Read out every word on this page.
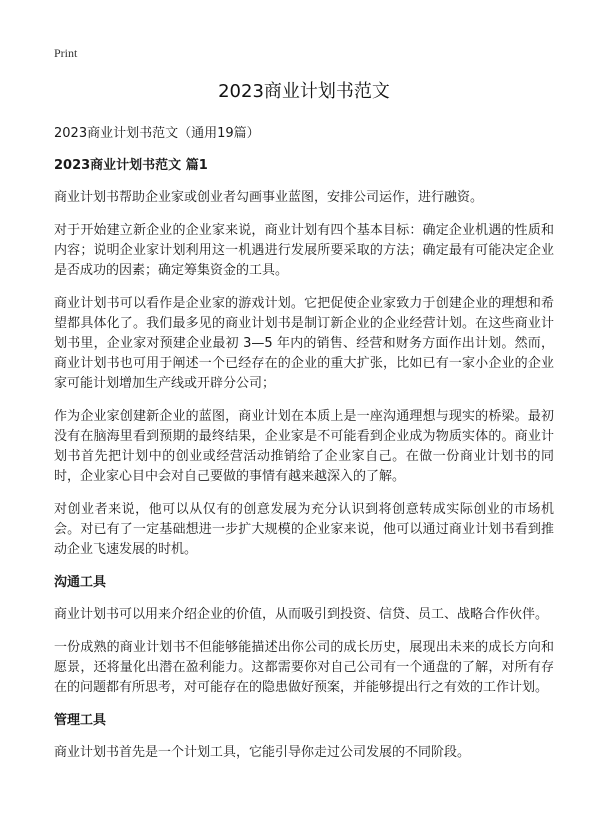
Print
2023商业计划书范文

2023商业计划书范文（通用19篇）

2023商业计划书范文 篇1

商业计划书帮助企业家或创业者勾画事业蓝图，安排公司运作，进行融资。

对于开始建立新企业的企业家来说，商业计划有四个基本目标：确定企业机遇的性质和内容；说明企业家计划利用这一机遇进行发展所要采取的方法；确定最有可能决定企业是否成功的因素；确定筹集资金的工具。

商业计划书可以看作是企业家的游戏计划。它把促使企业家致力于创建企业的理想和希望都具体化了。我们最多见的商业计划书是制订新企业的企业经营计划。在这些商业计划书里，企业家对预建企业最初 3—5 年内的销售、经营和财务方面作出计划。然而，商业计划书也可用于阐述一个已经存在的企业的重大扩张，比如已有一家小企业的企业家可能计划增加生产线或开辟分公司；

作为企业家创建新企业的蓝图，商业计划在本质上是一座沟通理想与现实的桥梁。最初没有在脑海里看到预期的最终结果，企业家是不可能看到企业成为物质实体的。商业计划书首先把计划中的创业或经营活动推销给了企业家自己。在做一份商业计划书的同时，企业家心目中会对自己要做的事情有越来越深入的了解。

对创业者来说，他可以从仅有的创意发展为充分认识到将创意转成实际创业的市场机会。对已有了一定基础想进一步扩大规模的企业家来说，他可以通过商业计划书看到推动企业飞速发展的时机。

沟通工具

商业计划书可以用来介绍企业的价值，从而吸引到投资、信贷、员工、战略合作伙伴。

一份成熟的商业计划书不但能够能描述出你公司的成长历史，展现出未来的成长方向和愿景，还将量化出潜在盈利能力。这都需要你对自己公司有一个通盘的了解，对所有存在的问题都有所思考，对可能存在的隐患做好预案，并能够提出行之有效的工作计划。

管理工具

商业计划书首先是一个计划工具，它能引导你走过公司发展的不同阶段。
